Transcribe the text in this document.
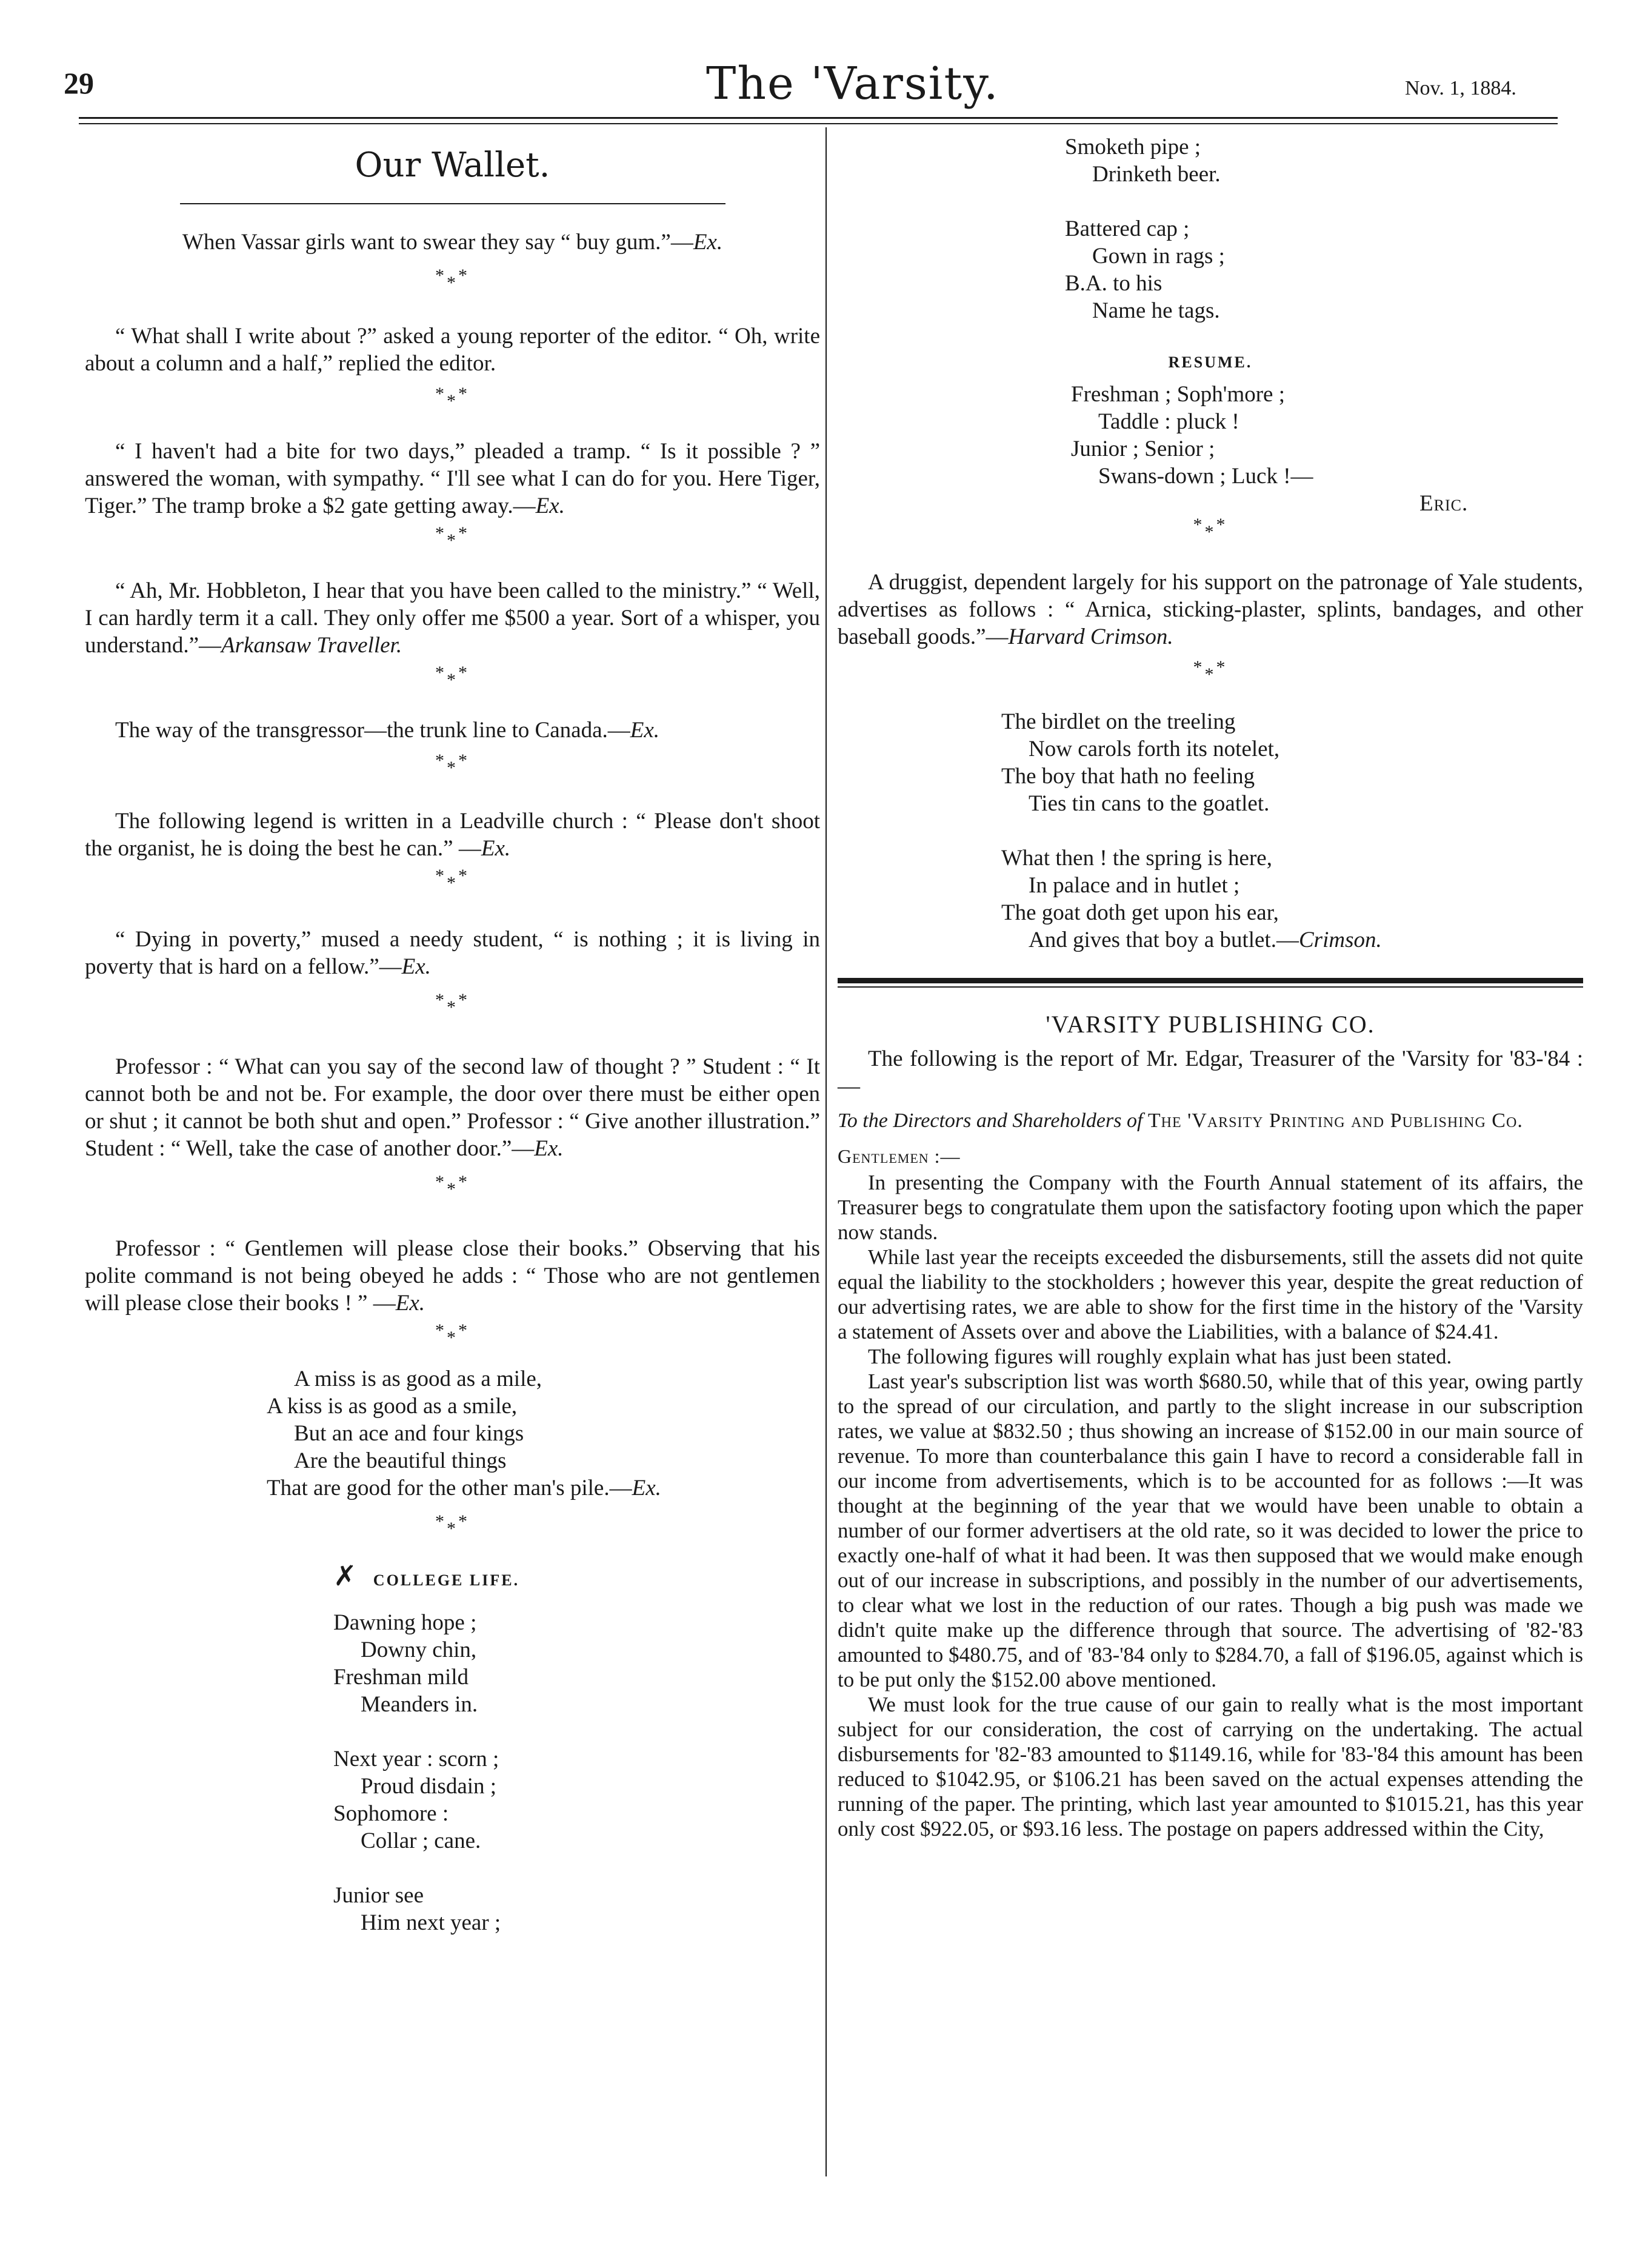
29	The 'Varsity.	Nov. 1, 1884.
Our Wallet.

When Vassar girls want to swear they say “ buy gum.”—Ex.

***

“ What shall I write about ?” asked a young reporter of the editor. “ Oh, write about a column and a half,” replied the editor.

***

“ I haven't had a bite for two days,” pleaded a tramp. “ Is it possible ? ” answered the woman, with sympathy. “ I'll see what I can do for you. Here Tiger, Tiger.” The tramp broke a $2 gate getting away.—Ex.

***

“ Ah, Mr. Hobbleton, I hear that you have been called to the ministry.” “ Well, I can hardly term it a call. They only offer me $500 a year. Sort of a whisper, you understand.”—Arkansaw Traveller.

***

The way of the transgressor—the trunk line to Canada.—Ex.

***

The following legend is written in a Leadville church : “ Please don't shoot the organist, he is doing the best he can.” —Ex.

***

“ Dying in poverty,” mused a needy student, “ is nothing ; it is living in poverty that is hard on a fellow.”—Ex.

***

Professor : “ What can you say of the second law of thought ? ” Student : “ It cannot both be and not be. For example, the door over there must be either open or shut ; it cannot be both shut and open.” Professor : “ Give another illustration.” Student : “ Well, take the case of another door.”—Ex.

***

Professor : “ Gentlemen will please close their books.” Observing that his polite command is not being obeyed he adds : “ Those who are not gentlemen will please close their books ! ” —Ex.

***
A miss is as good as a mile,
A kiss is as good as a smile,
But an ace and four kings
Are the beautiful things
That are good for the other man's pile.—Ex.
***
✗ COLLEGE LIFE.
Dawning hope ;
Downy chin,
Freshman mild
Meanders in.
Next year : scorn ;
Proud disdain ;
Sophomore :
Collar ; cane.
Junior see
Him next year ;
Smoketh pipe ;
Drinketh beer.
Battered cap ;
Gown in rags ;
B.A. to his
Name he tags.
RESUME.
Freshman ; Soph'more ;
Taddle : pluck !
Junior ; Senior ;
Swans-down ; Luck !—
Eric.
***

A druggist, dependent largely for his support on the patronage of Yale students, advertises as follows : “ Arnica, sticking-plaster, splints, bandages, and other baseball goods.”—Harvard Crimson.

***
The birdlet on the treeling
Now carols forth its notelet,
The boy that hath no feeling
Ties tin cans to the goatlet.
What then ! the spring is here,
In palace and in hutlet ;
The goat doth get upon his ear,
And gives that boy a butlet.—Crimson.
'VARSITY PUBLISHING CO.

The following is the report of Mr. Edgar, Treasurer of the 'Varsity for '83-'84 :—

To the Directors and Shareholders of The 'Varsity Printing and Publishing Co.

Gentlemen :—

In presenting the Company with the Fourth Annual statement of its affairs, the Treasurer begs to congratulate them upon the satisfactory footing upon which the paper now stands.

While last year the receipts exceeded the disbursements, still the assets did not quite equal the liability to the stockholders ; however this year, despite the great reduction of our advertising rates, we are able to show for the first time in the history of the 'Varsity a statement of Assets over and above the Liabilities, with a balance of $24.41.

The following figures will roughly explain what has just been stated.

Last year's subscription list was worth $680.50, while that of this year, owing partly to the spread of our circulation, and partly to the slight increase in our subscription rates, we value at $832.50 ; thus showing an increase of $152.00 in our main source of revenue. To more than counterbalance this gain I have to record a considerable fall in our income from advertisements, which is to be accounted for as follows :—It was thought at the beginning of the year that we would have been unable to obtain a number of our former advertisers at the old rate, so it was decided to lower the price to exactly one-half of what it had been. It was then supposed that we would make enough out of our increase in subscriptions, and possibly in the number of our advertisements, to clear what we lost in the reduction of our rates. Though a big push was made we didn't quite make up the difference through that source. The advertising of '82-'83 amounted to $480.75, and of '83-'84 only to $284.70, a fall of $196.05, against which is to be put only the $152.00 above mentioned.

We must look for the true cause of our gain to really what is the most important subject for our consideration, the cost of carrying on the undertaking. The actual disbursements for '82-'83 amounted to $1149.16, while for '83-'84 this amount has been reduced to $1042.95, or $106.21 has been saved on the actual expenses attending the running of the paper. The printing, which last year amounted to $1015.21, has this year only cost $922.05, or $93.16 less. The postage on papers addressed within the City,
